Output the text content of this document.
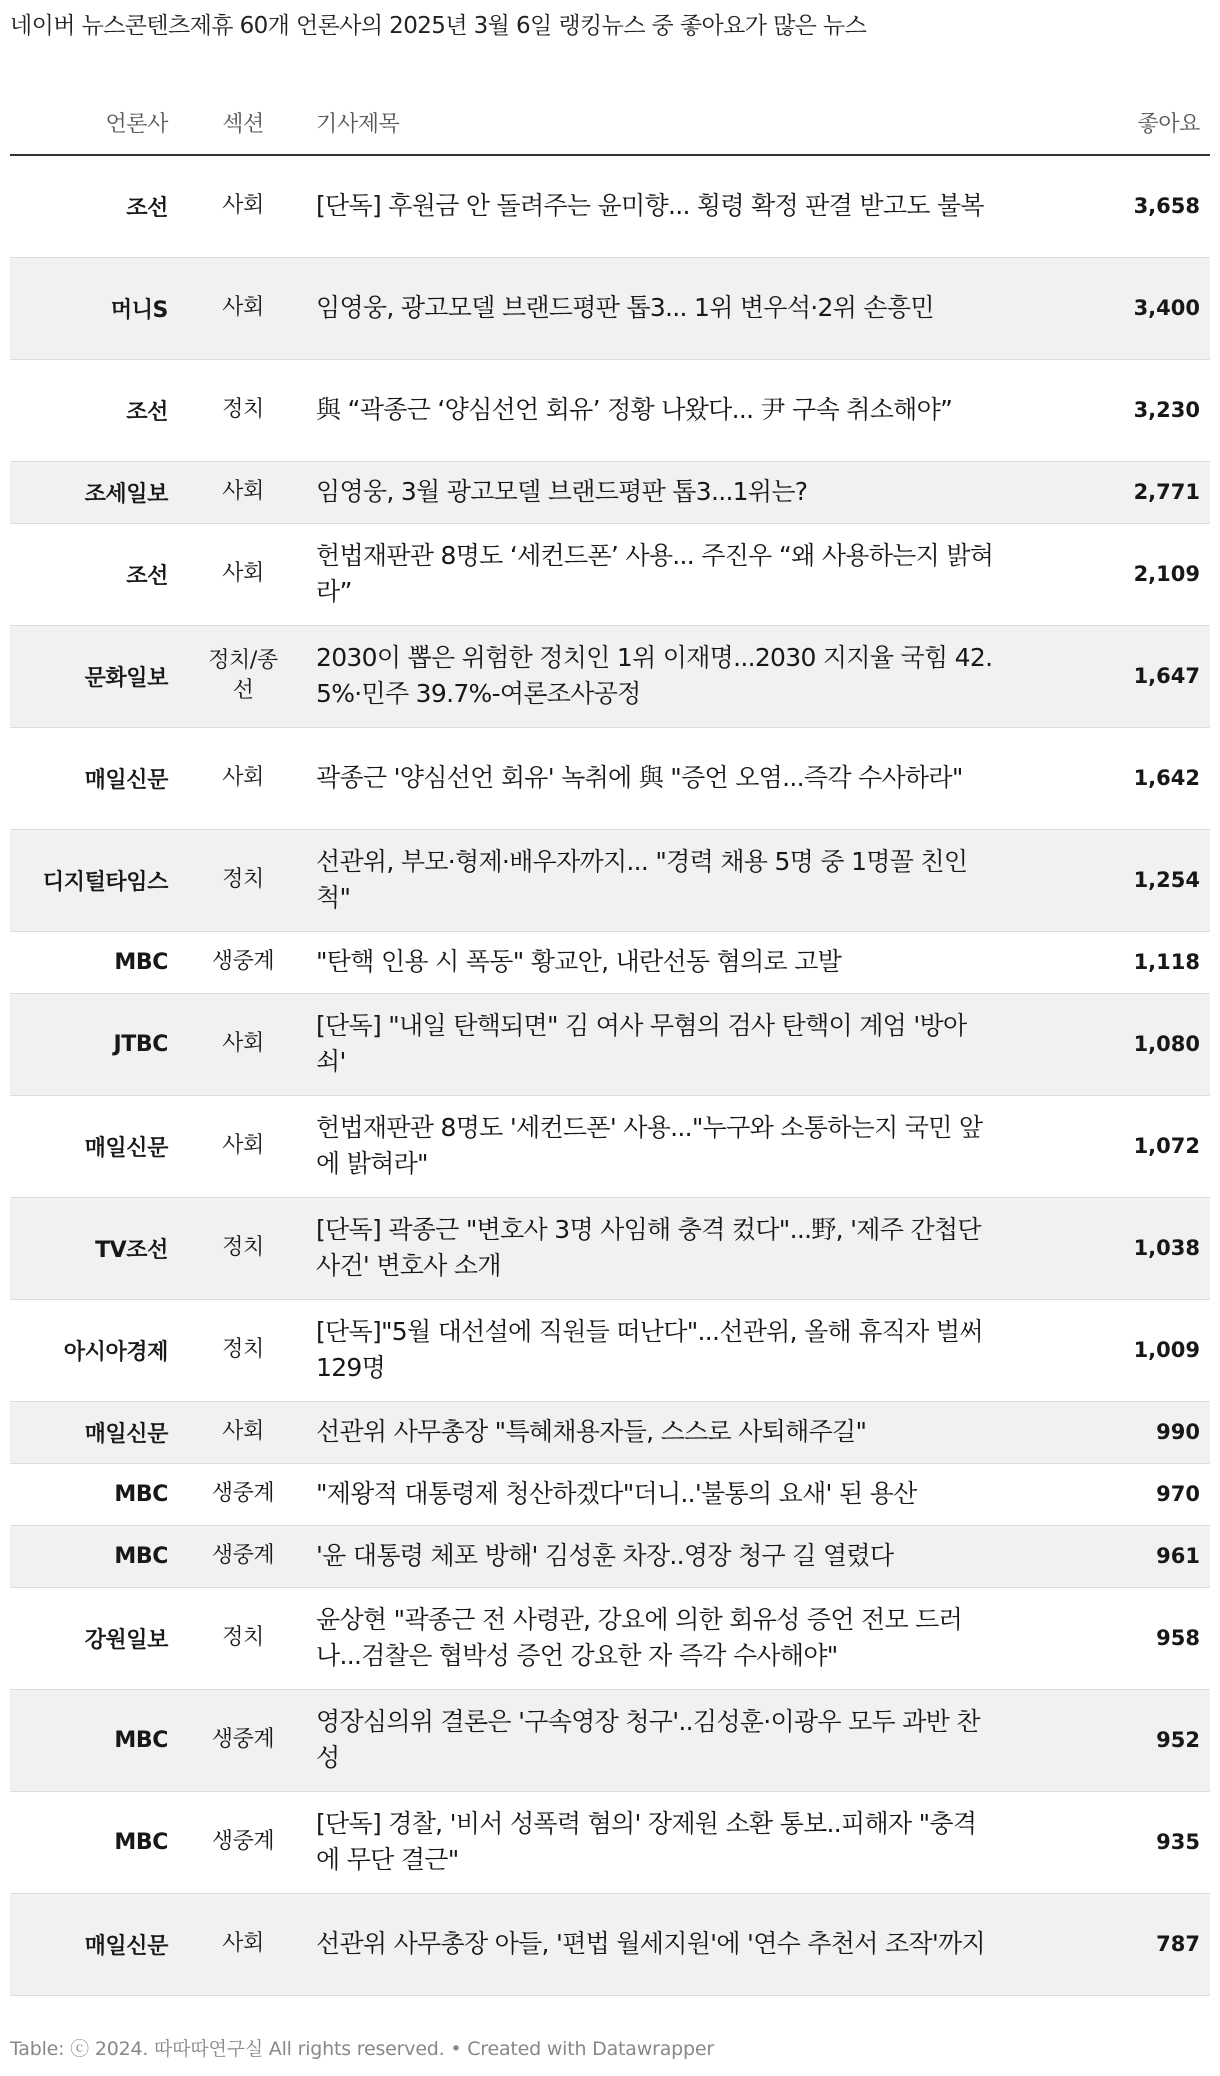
네이버 뉴스콘텐츠제휴 60개 언론사의 2025년 3월 6일 랭킹뉴스 중 좋아요가 많은 뉴스
언론사	섹션	기사제목	좋아요
조선	사회	[단독] 후원금 안 돌려주는 윤미향... 횡령 확정 판결 받고도 불복	3,658
머니S	사회	임영웅, 광고모델 브랜드평판 톱3... 1위 변우석·2위 손흥민	3,400
조선	정치	與 “곽종근 ‘양심선언 회유’ 정황 나왔다... 尹 구속 취소해야”	3,230
조세일보	사회	임영웅, 3월 광고모델 브랜드평판 톱3...1위는?	2,771
조선	사회	헌법재판관 8명도 ‘세컨드폰’ 사용... 주진우 “왜 사용하는지 밝혀라”	2,109
문화일보	정치/종선	2030이 뽑은 위험한 정치인 1위 이재명...2030 지지율 국힘 42.5%·민주 39.7%-여론조사공정	1,647
매일신문	사회	곽종근 '양심선언 회유' 녹취에 與 "증언 오염...즉각 수사하라"	1,642
디지털타임스	정치	선관위, 부모·형제·배우자까지... "경력 채용 5명 중 1명꼴 친인척"	1,254
MBC	생중계	"탄핵 인용 시 폭동" 황교안, 내란선동 혐의로 고발	1,118
JTBC	사회	[단독] "내일 탄핵되면" 김 여사 무혐의 검사 탄핵이 계엄 '방아쇠'	1,080
매일신문	사회	헌법재판관 8명도 '세컨드폰' 사용..."누구와 소통하는지 국민 앞에 밝혀라"	1,072
TV조선	정치	[단독] 곽종근 "변호사 3명 사임해 충격 컸다"...野, '제주 간첩단사건' 변호사 소개	1,038
아시아경제	정치	[단독]"5월 대선설에 직원들 떠난다"...선관위, 올해 휴직자 벌써 129명	1,009
매일신문	사회	선관위 사무총장 "특혜채용자들, 스스로 사퇴해주길"	990
MBC	생중계	"제왕적 대통령제 청산하겠다"더니..'불통의 요새' 된 용산	970
MBC	생중계	'윤 대통령 체포 방해' 김성훈 차장..영장 청구 길 열렸다	961
강원일보	정치	윤상현 "곽종근 전 사령관, 강요에 의한 회유성 증언 전모 드러나...검찰은 협박성 증언 강요한 자 즉각 수사해야"	958
MBC	생중계	영장심의위 결론은 '구속영장 청구'..김성훈·이광우 모두 과반 찬성	952
MBC	생중계	[단독] 경찰, '비서 성폭력 혐의' 장제원 소환 통보..피해자 "충격에 무단 결근"	935
매일신문	사회	선관위 사무총장 아들, '편법 월세지원'에 '연수 추천서 조작'까지	787
Table: ⓒ 2024. 따따따연구실 All rights reserved. • Created with Datawrapper
